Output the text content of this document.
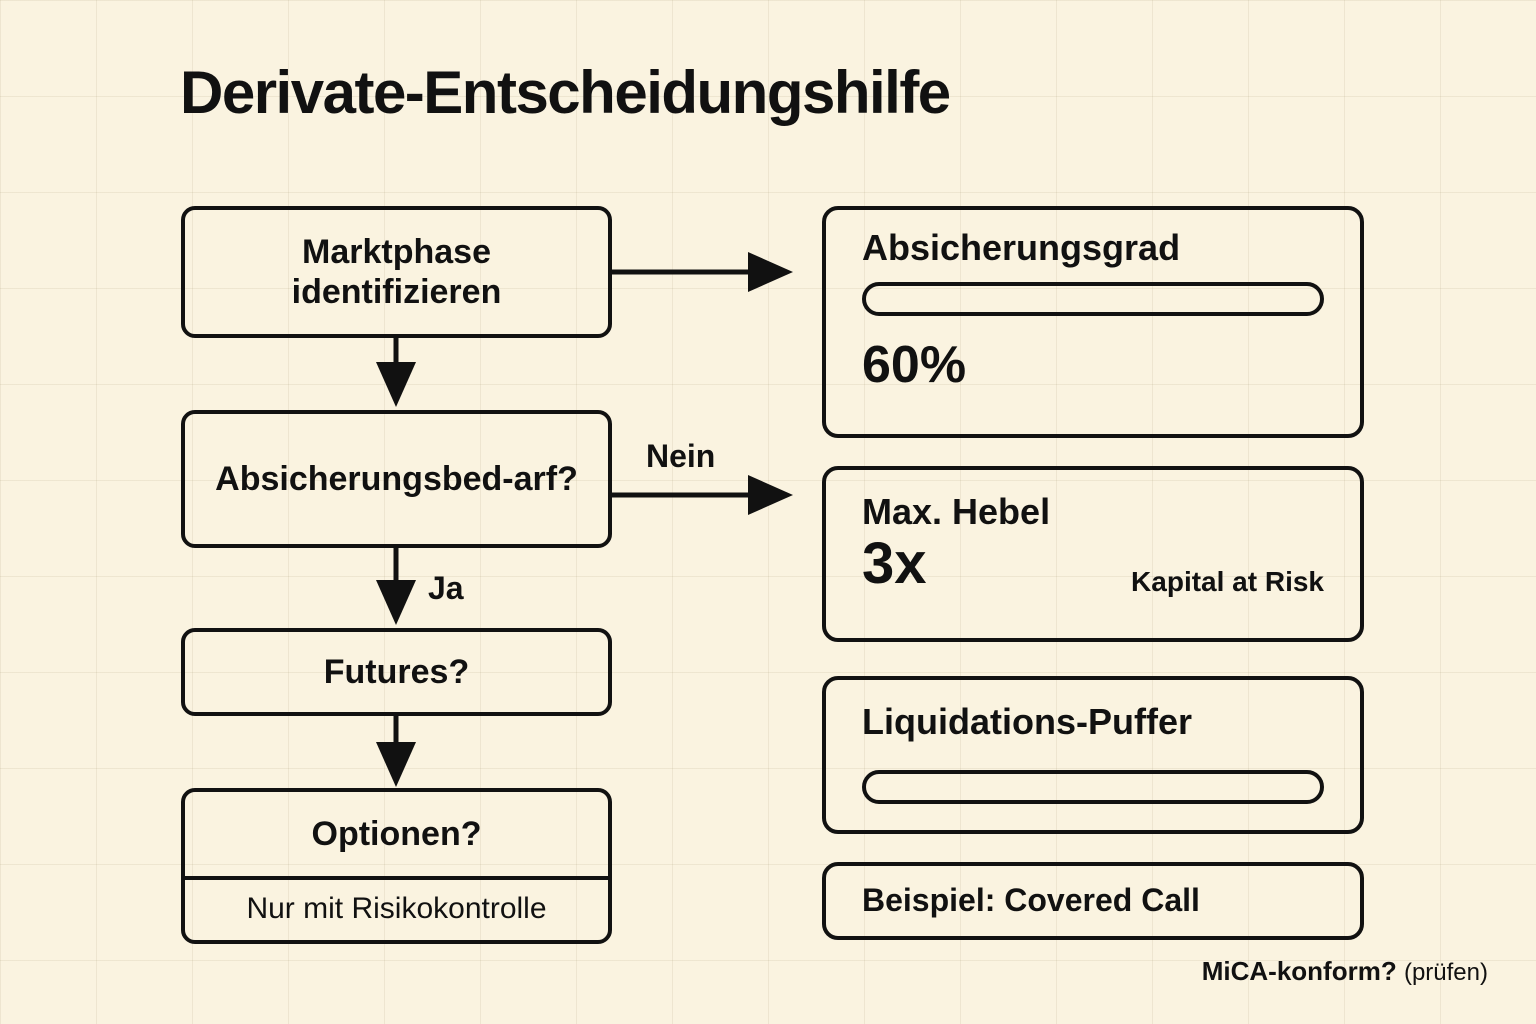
Derivate-Entscheidungshilfe
Marktphase identifizieren
Absicherungsbed-arf?
Futures?
Optionen?
Nur mit Risikokontrolle
Nein
Ja
Absicherungsgrad
60%
Max. Hebel
3x	Kapital at Risk
Liquidations-Puffer
Beispiel: Covered Call
MiCA-konform? (prüfen)
